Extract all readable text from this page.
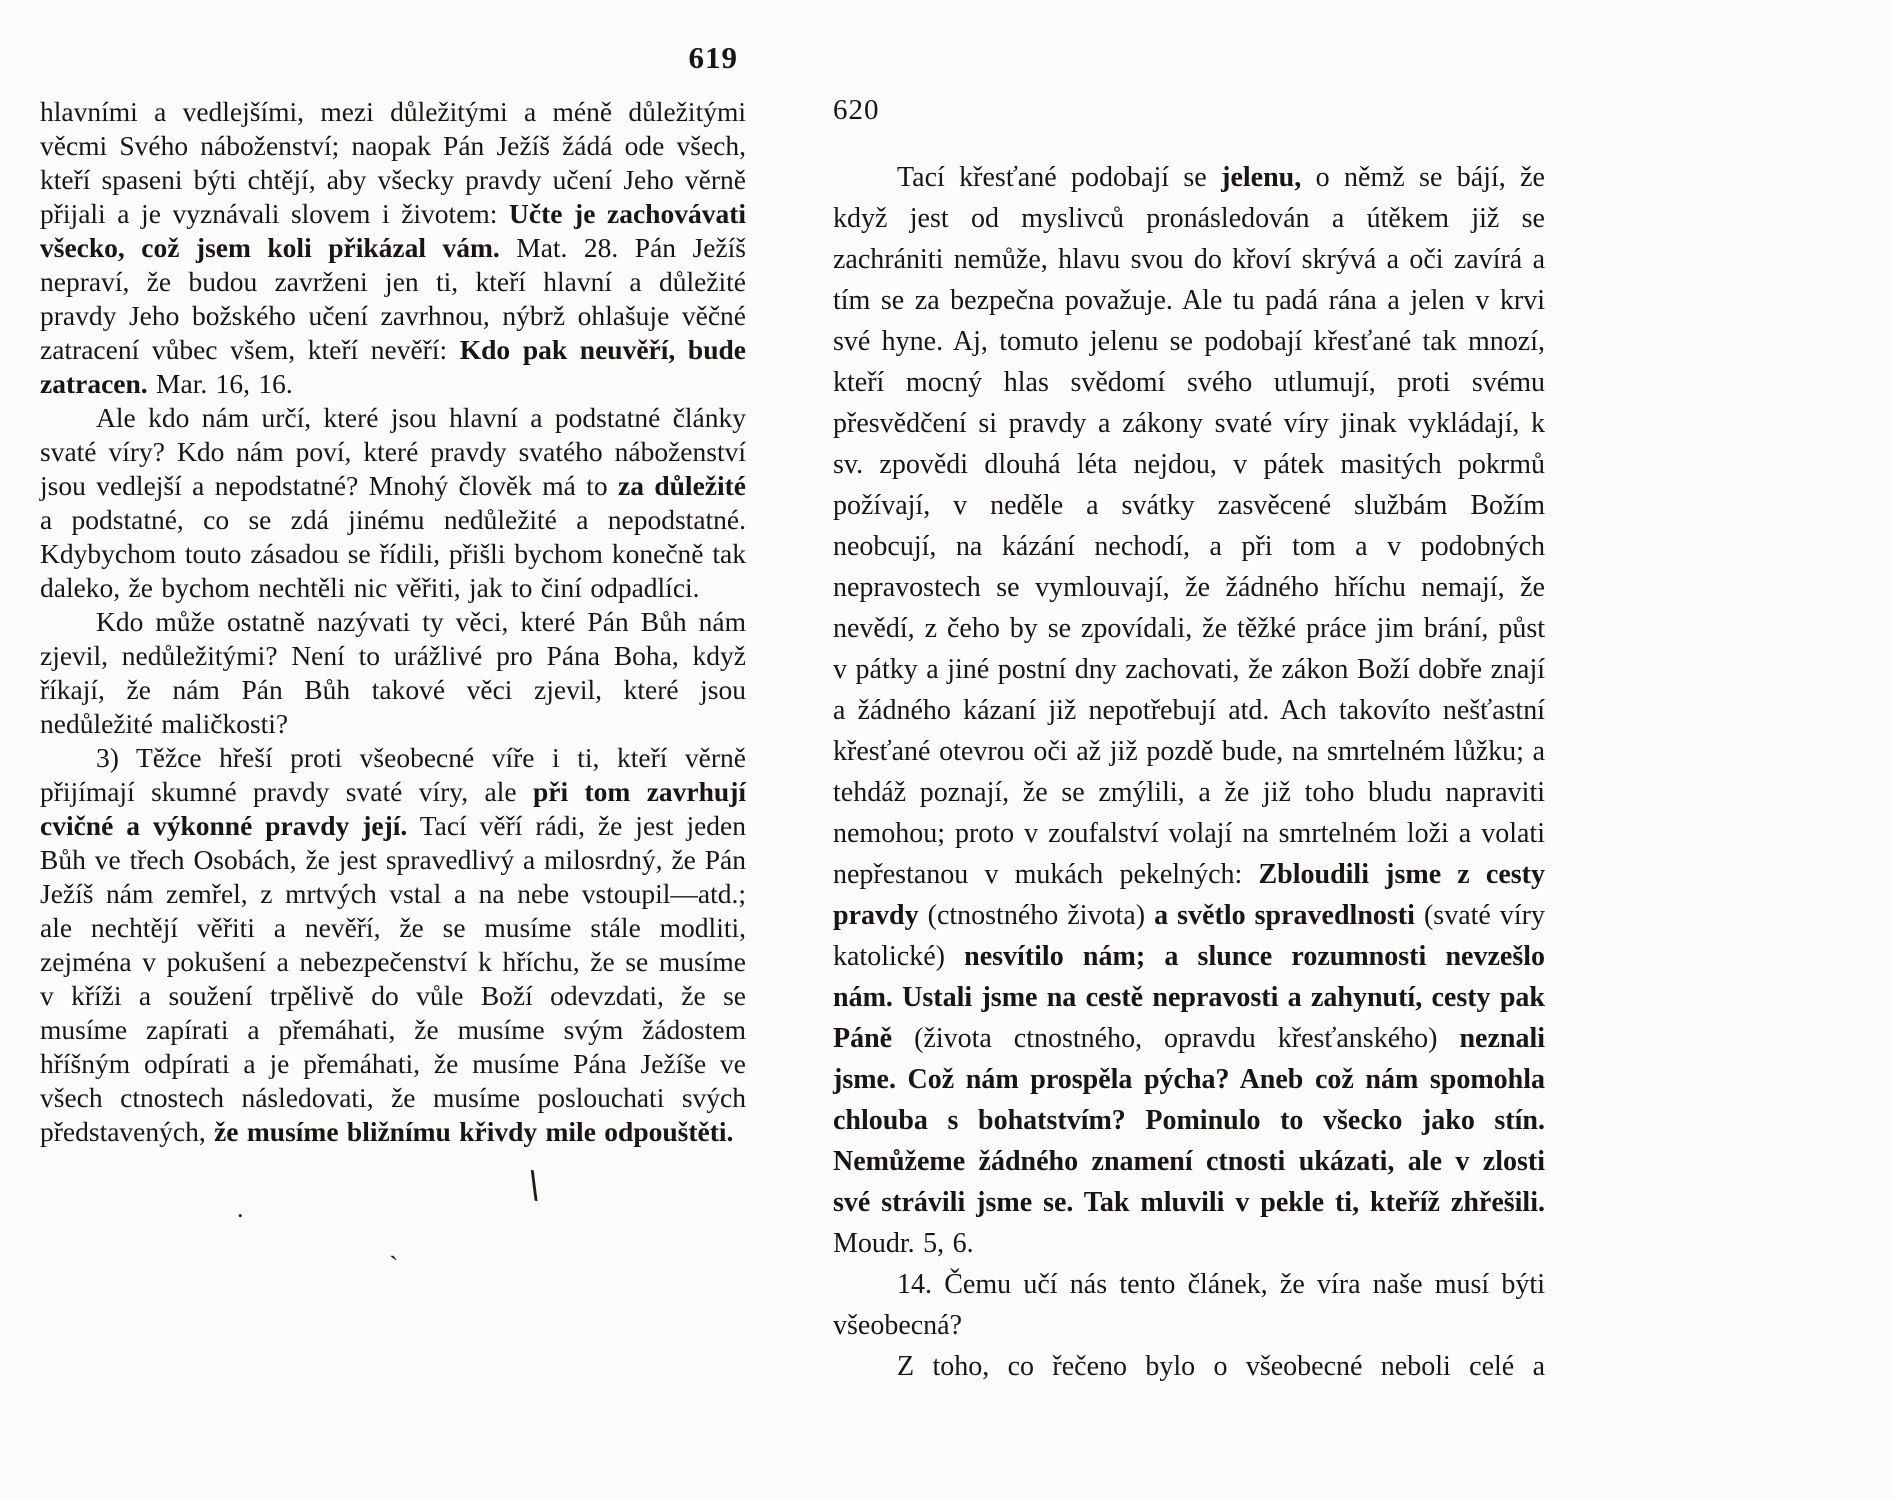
619

hlavními a vedlejšími, mezi důležitými a méně důležitými věcmi Svého náboženství; naopak Pán Ježíš žádá ode všech, kteří spaseni býti chtějí, aby všecky pravdy učení Jeho věrně přijali a je vyznávali slovem i životem: Učte je zachovávati všecko, což jsem koli přikázal vám. Mat. 28. Pán Ježíš nepraví, že budou zavrženi jen ti, kteří hlavní a důležité pravdy Jeho božského učení zavrhnou, nýbrž ohlašuje věčné zatracení vůbec všem, kteří nevěří: Kdo pak neuvěří, bude zatracen. Mar. 16, 16.

Ale kdo nám určí, které jsou hlavní a podstatné články svaté víry? Kdo nám poví, které pravdy svatého náboženství jsou vedlejší a nepodstatné? Mnohý člověk má to za důležité a podstatné, co se zdá jinému nedůležité a nepodstatné. Kdybychom touto zásadou se řídili, přišli bychom konečně tak daleko, že bychom nechtěli nic věřiti, jak to činí odpadlíci.

Kdo může ostatně nazývati ty věci, které Pán Bůh nám zjevil, nedůležitými? Není to urážlivé pro Pána Boha, když říkají, že nám Pán Bůh takové věci zjevil, které jsou nedůležité maličkosti?

3) Těžce hřeší proti všeobecné víře i ti, kteří věrně přijímají skumné pravdy svaté víry, ale při tom zavrhují cvičné a výkonné pravdy její. Tací věří rádi, že jest jeden Bůh ve třech Osobách, že jest spravedlivý a milosrdný, že Pán Ježíš nám zemřel, z mrtvých vstal a na nebe vstoupil—atd.; ale nechtějí věřiti a nevěří, že se musíme stále modliti, zejména v pokušení a nebezpečenství k hříchu, že se musíme v kříži a soužení trpělivě do vůle Boží odevzdati, že se musíme zapírati a přemáhati, že musíme svým žádostem hříšným odpírati a je přemáhati, že musíme Pána Ježíše ve všech ctnostech následovati, že musíme poslouchati svých představených, že musíme bližnímu křivdy mile odpouštěti.

620

Tací křesťané podobají se jelenu, o němž se bájí, že když jest od myslivců pronásledován a útěkem již se zachrániti nemůže, hlavu svou do křoví skrývá a oči zavírá a tím se za bezpečna považuje. Ale tu padá rána a jelen v krvi své hyne. Aj, tomuto jelenu se podobají křesťané tak mnozí, kteří mocný hlas svědomí svého utlumují, proti svému přesvědčení si pravdy a zákony svaté víry jinak vykládají, k sv. zpovědi dlouhá léta nejdou, v pátek masitých pokrmů požívají, v neděle a svátky zasvěcené službám Božím neobcují, na kázání nechodí, a při tom a v podobných nepravostech se vymlouvají, že žádného hříchu nemají, že nevědí, z čeho by se zpovídali, že těžké práce jim brání, půst v pátky a jiné postní dny zachovati, že zákon Boží dobře znají a žádného kázaní již nepotřebují atd. Ach takovíto nešťastní křesťané otevrou oči až již pozdě bude, na smrtelném lůžku; a tehdáž poznají, že se zmýlili, a že již toho bludu napraviti nemohou; proto v zoufalství volají na smrtelném loži a volati nepřestanou v mukách pekelných: Zbloudili jsme z cesty pravdy (ctnostného života) a světlo spravedlnosti (svaté víry katolické) nesvítilo nám; a slunce rozumnosti nevzešlo nám. Ustali jsme na cestě nepravosti a zahynutí, cesty pak Páně (života ctnostného, opravdu křesťanského) neznali jsme. Což nám prospěla pýcha? Aneb což nám spomohla chlouba s bohatstvím? Pominulo to všecko jako stín. Nemůžeme žádného znamení ctnosti ukázati, ale v zlosti své strávili jsme se. Tak mluvili v pekle ti, kteříž zhřešili. Moudr. 5, 6.

14. Čemu učí nás tento článek, že víra naše musí býti všeobecná?

Z toho, co řečeno bylo o všeobecné neboli celé a

.
∖
ˏ
